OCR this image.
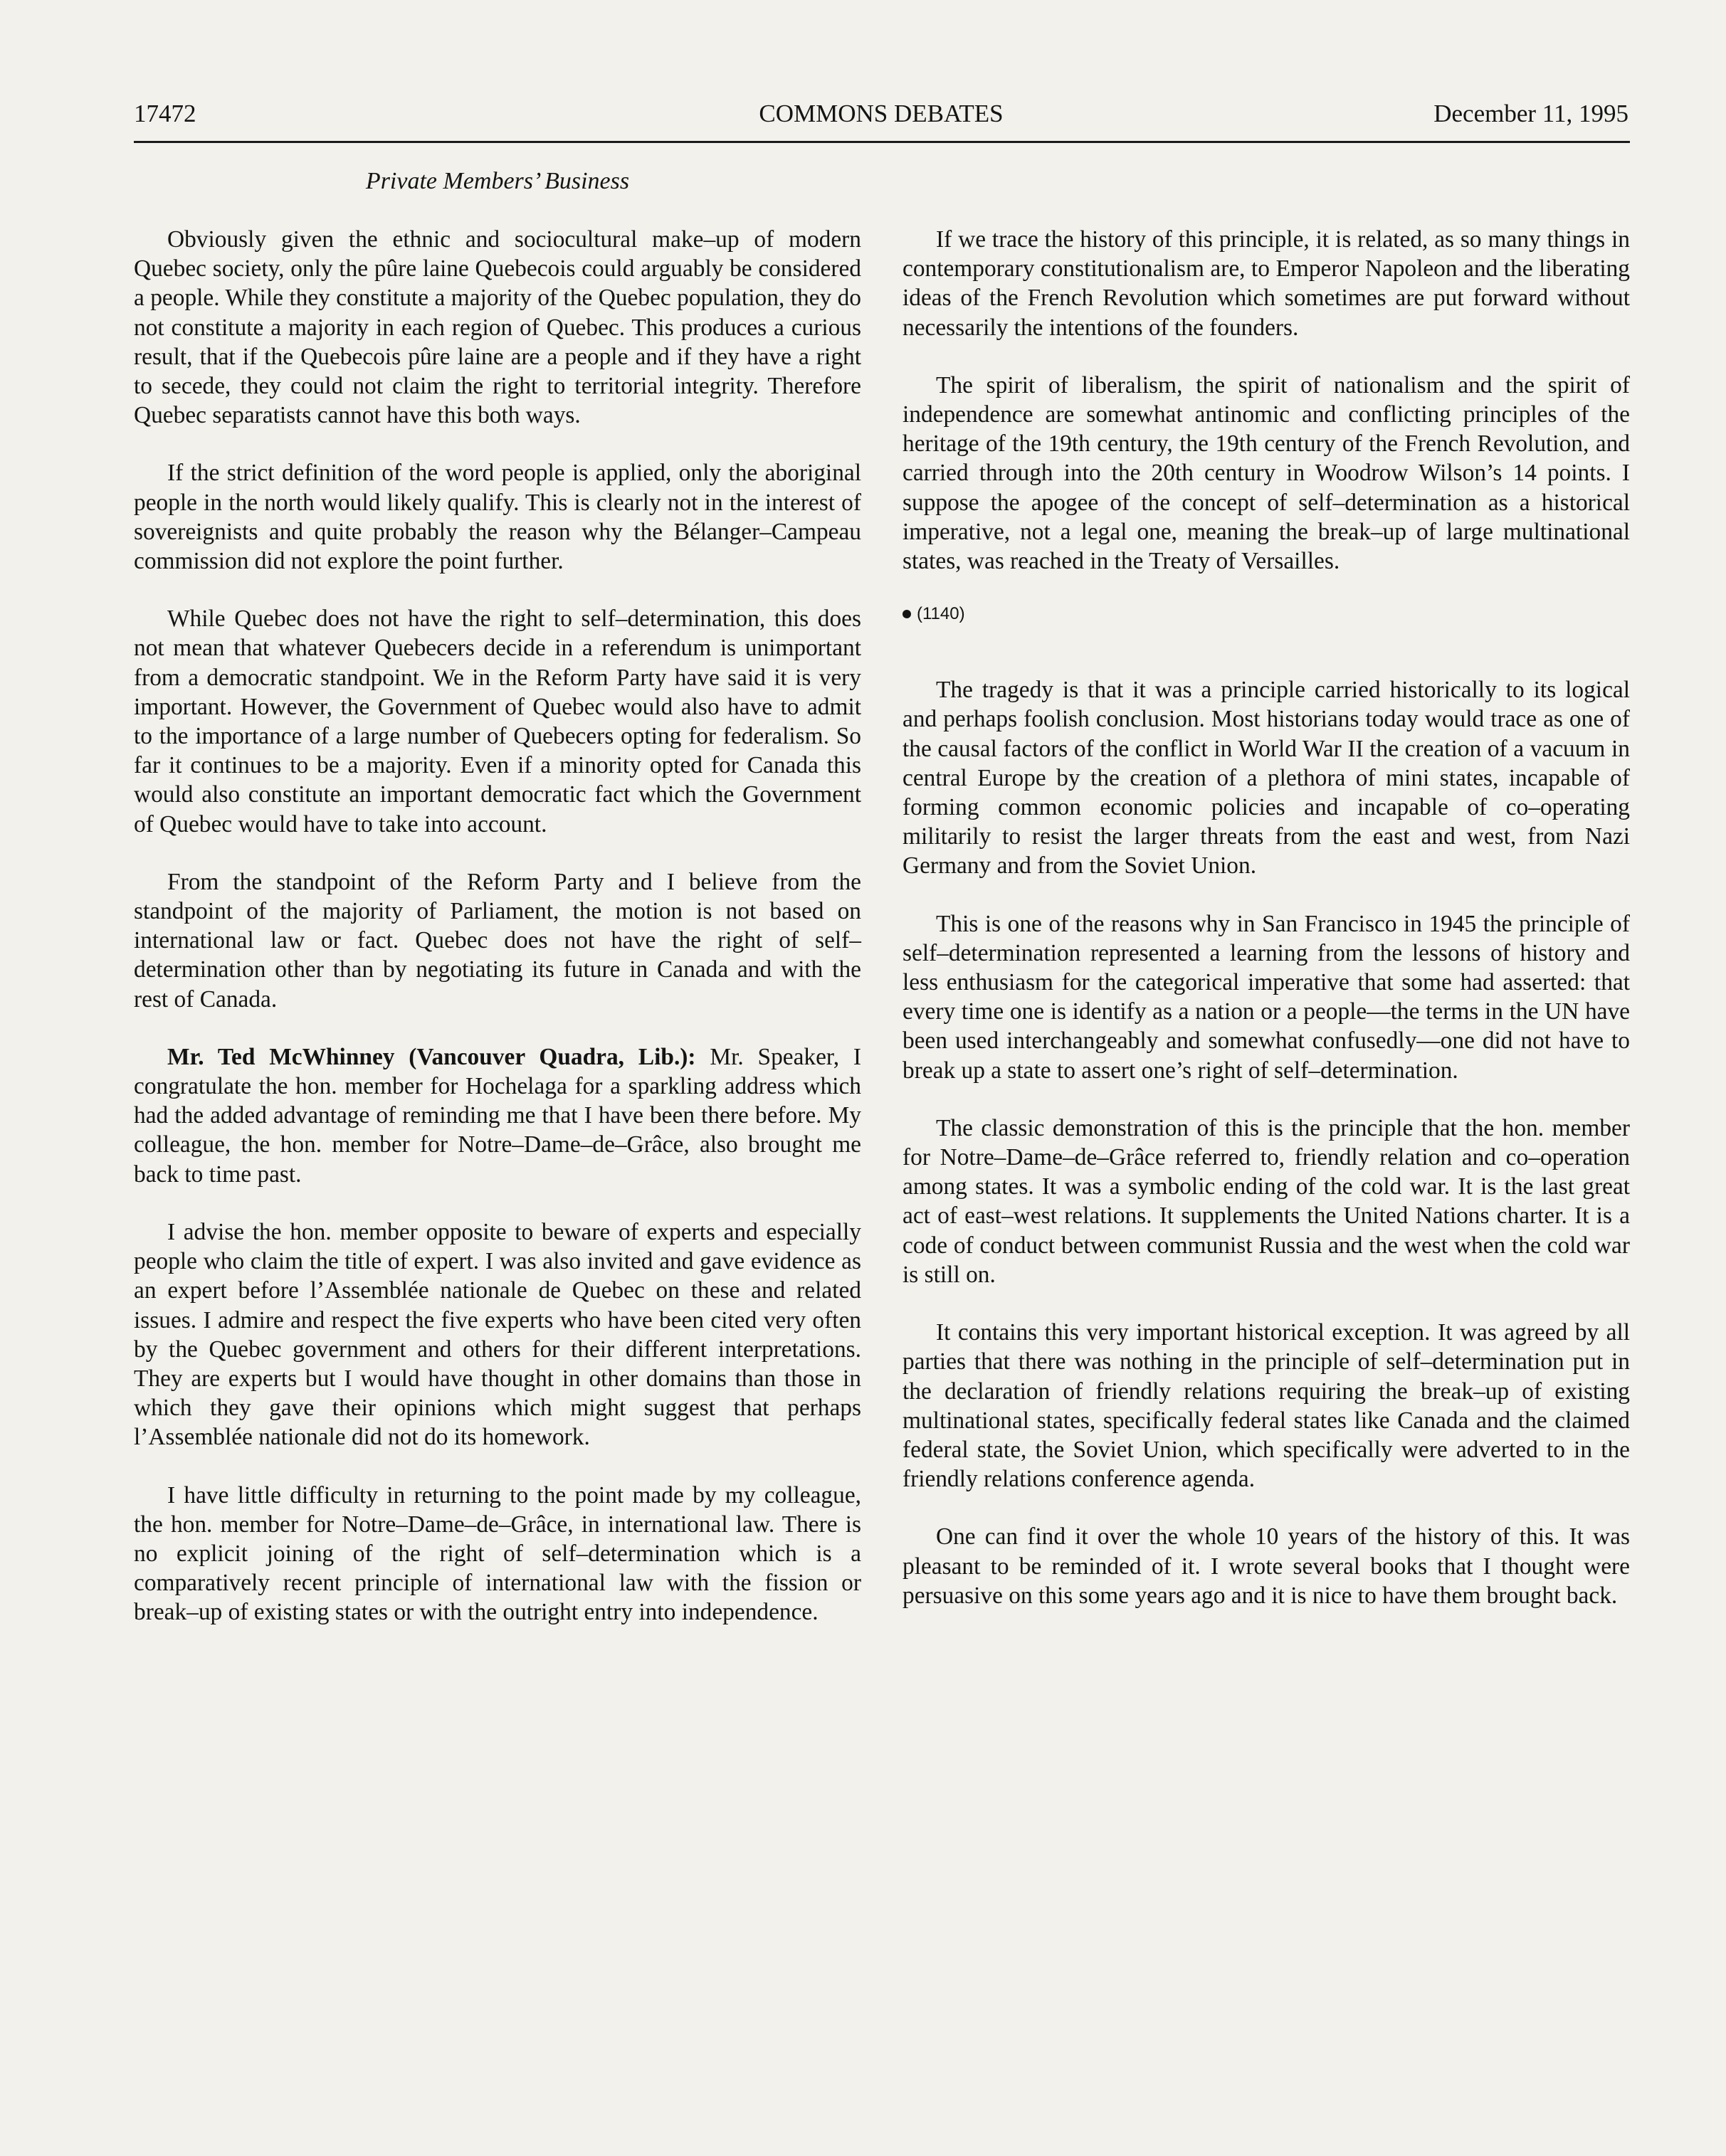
17472	COMMONS DEBATES	December 11, 1995
Private Members’ Business

Obviously given the ethnic and sociocultural make–up of modern Quebec society, only the pûre laine Quebecois could arguably be considered a people. While they constitute a majority of the Quebec population, they do not constitute a majority in each region of Quebec. This produces a curious result, that if the Quebecois pûre laine are a people and if they have a right to secede, they could not claim the right to territorial integrity. Therefore Quebec separatists cannot have this both ways.

If the strict definition of the word people is applied, only the aboriginal people in the north would likely qualify. This is clearly not in the interest of sovereignists and quite probably the reason why the Bélanger–Campeau commission did not explore the point further.

While Quebec does not have the right to self–determination, this does not mean that whatever Quebecers decide in a referendum is unimportant from a democratic standpoint. We in the Reform Party have said it is very important. However, the Government of Quebec would also have to admit to the importance of a large number of Quebecers opting for federalism. So far it continues to be a majority. Even if a minority opted for Canada this would also constitute an important democratic fact which the Government of Quebec would have to take into account.

From the standpoint of the Reform Party and I believe from the standpoint of the majority of Parliament, the motion is not based on international law or fact. Quebec does not have the right of self–determination other than by negotiating its future in Canada and with the rest of Canada.

Mr. Ted McWhinney (Vancouver Quadra, Lib.): Mr. Speaker, I congratulate the hon. member for Hochelaga for a sparkling address which had the added advantage of reminding me that I have been there before. My colleague, the hon. member for Notre–Dame–de–Grâce, also brought me back to time past.

I advise the hon. member opposite to beware of experts and especially people who claim the title of expert. I was also invited and gave evidence as an expert before l’Assemblée nationale de Quebec on these and related issues. I admire and respect the five experts who have been cited very often by the Quebec government and others for their different interpretations. They are experts but I would have thought in other domains than those in which they gave their opinions which might suggest that perhaps l’Assemblée nationale did not do its homework.

I have little difficulty in returning to the point made by my colleague, the hon. member for Notre–Dame–de–Grâce, in international law. There is no explicit joining of the right of self–determination which is a comparatively recent principle of international law with the fission or break–up of existing states or with the outright entry into independence.

If we trace the history of this principle, it is related, as so many things in contemporary constitutionalism are, to Emperor Napoleon and the liberating ideas of the French Revolution which sometimes are put forward without necessarily the intentions of the founders.

The spirit of liberalism, the spirit of nationalism and the spirit of independence are somewhat antinomic and conflicting principles of the heritage of the 19th century, the 19th century of the French Revolution, and carried through into the 20th century in Woodrow Wilson’s 14 points. I suppose the apogee of the concept of self–determination as a historical imperative, not a legal one, meaning the break–up of large multinational states, was reached in the Treaty of Versailles.

(1140)

The tragedy is that it was a principle carried historically to its logical and perhaps foolish conclusion. Most historians today would trace as one of the causal factors of the conflict in World War II the creation of a vacuum in central Europe by the creation of a plethora of mini states, incapable of forming common economic policies and incapable of co–operating militarily to resist the larger threats from the east and west, from Nazi Germany and from the Soviet Union.

This is one of the reasons why in San Francisco in 1945 the principle of self–determination represented a learning from the lessons of history and less enthusiasm for the categorical imperative that some had asserted: that every time one is identify as a nation or a people—the terms in the UN have been used interchangeably and somewhat confusedly—one did not have to break up a state to assert one’s right of self–determination.

The classic demonstration of this is the principle that the hon. member for Notre–Dame–de–Grâce referred to, friendly relation and co–operation among states. It was a symbolic ending of the cold war. It is the last great act of east–west relations. It supplements the United Nations charter. It is a code of conduct between communist Russia and the west when the cold war is still on.

It contains this very important historical exception. It was agreed by all parties that there was nothing in the principle of self–determination put in the declaration of friendly relations requiring the break–up of existing multinational states, specifically federal states like Canada and the claimed federal state, the Soviet Union, which specifically were adverted to in the friendly relations conference agenda.

One can find it over the whole 10 years of the history of this. It was pleasant to be reminded of it. I wrote several books that I thought were persuasive on this some years ago and it is nice to have them brought back.
